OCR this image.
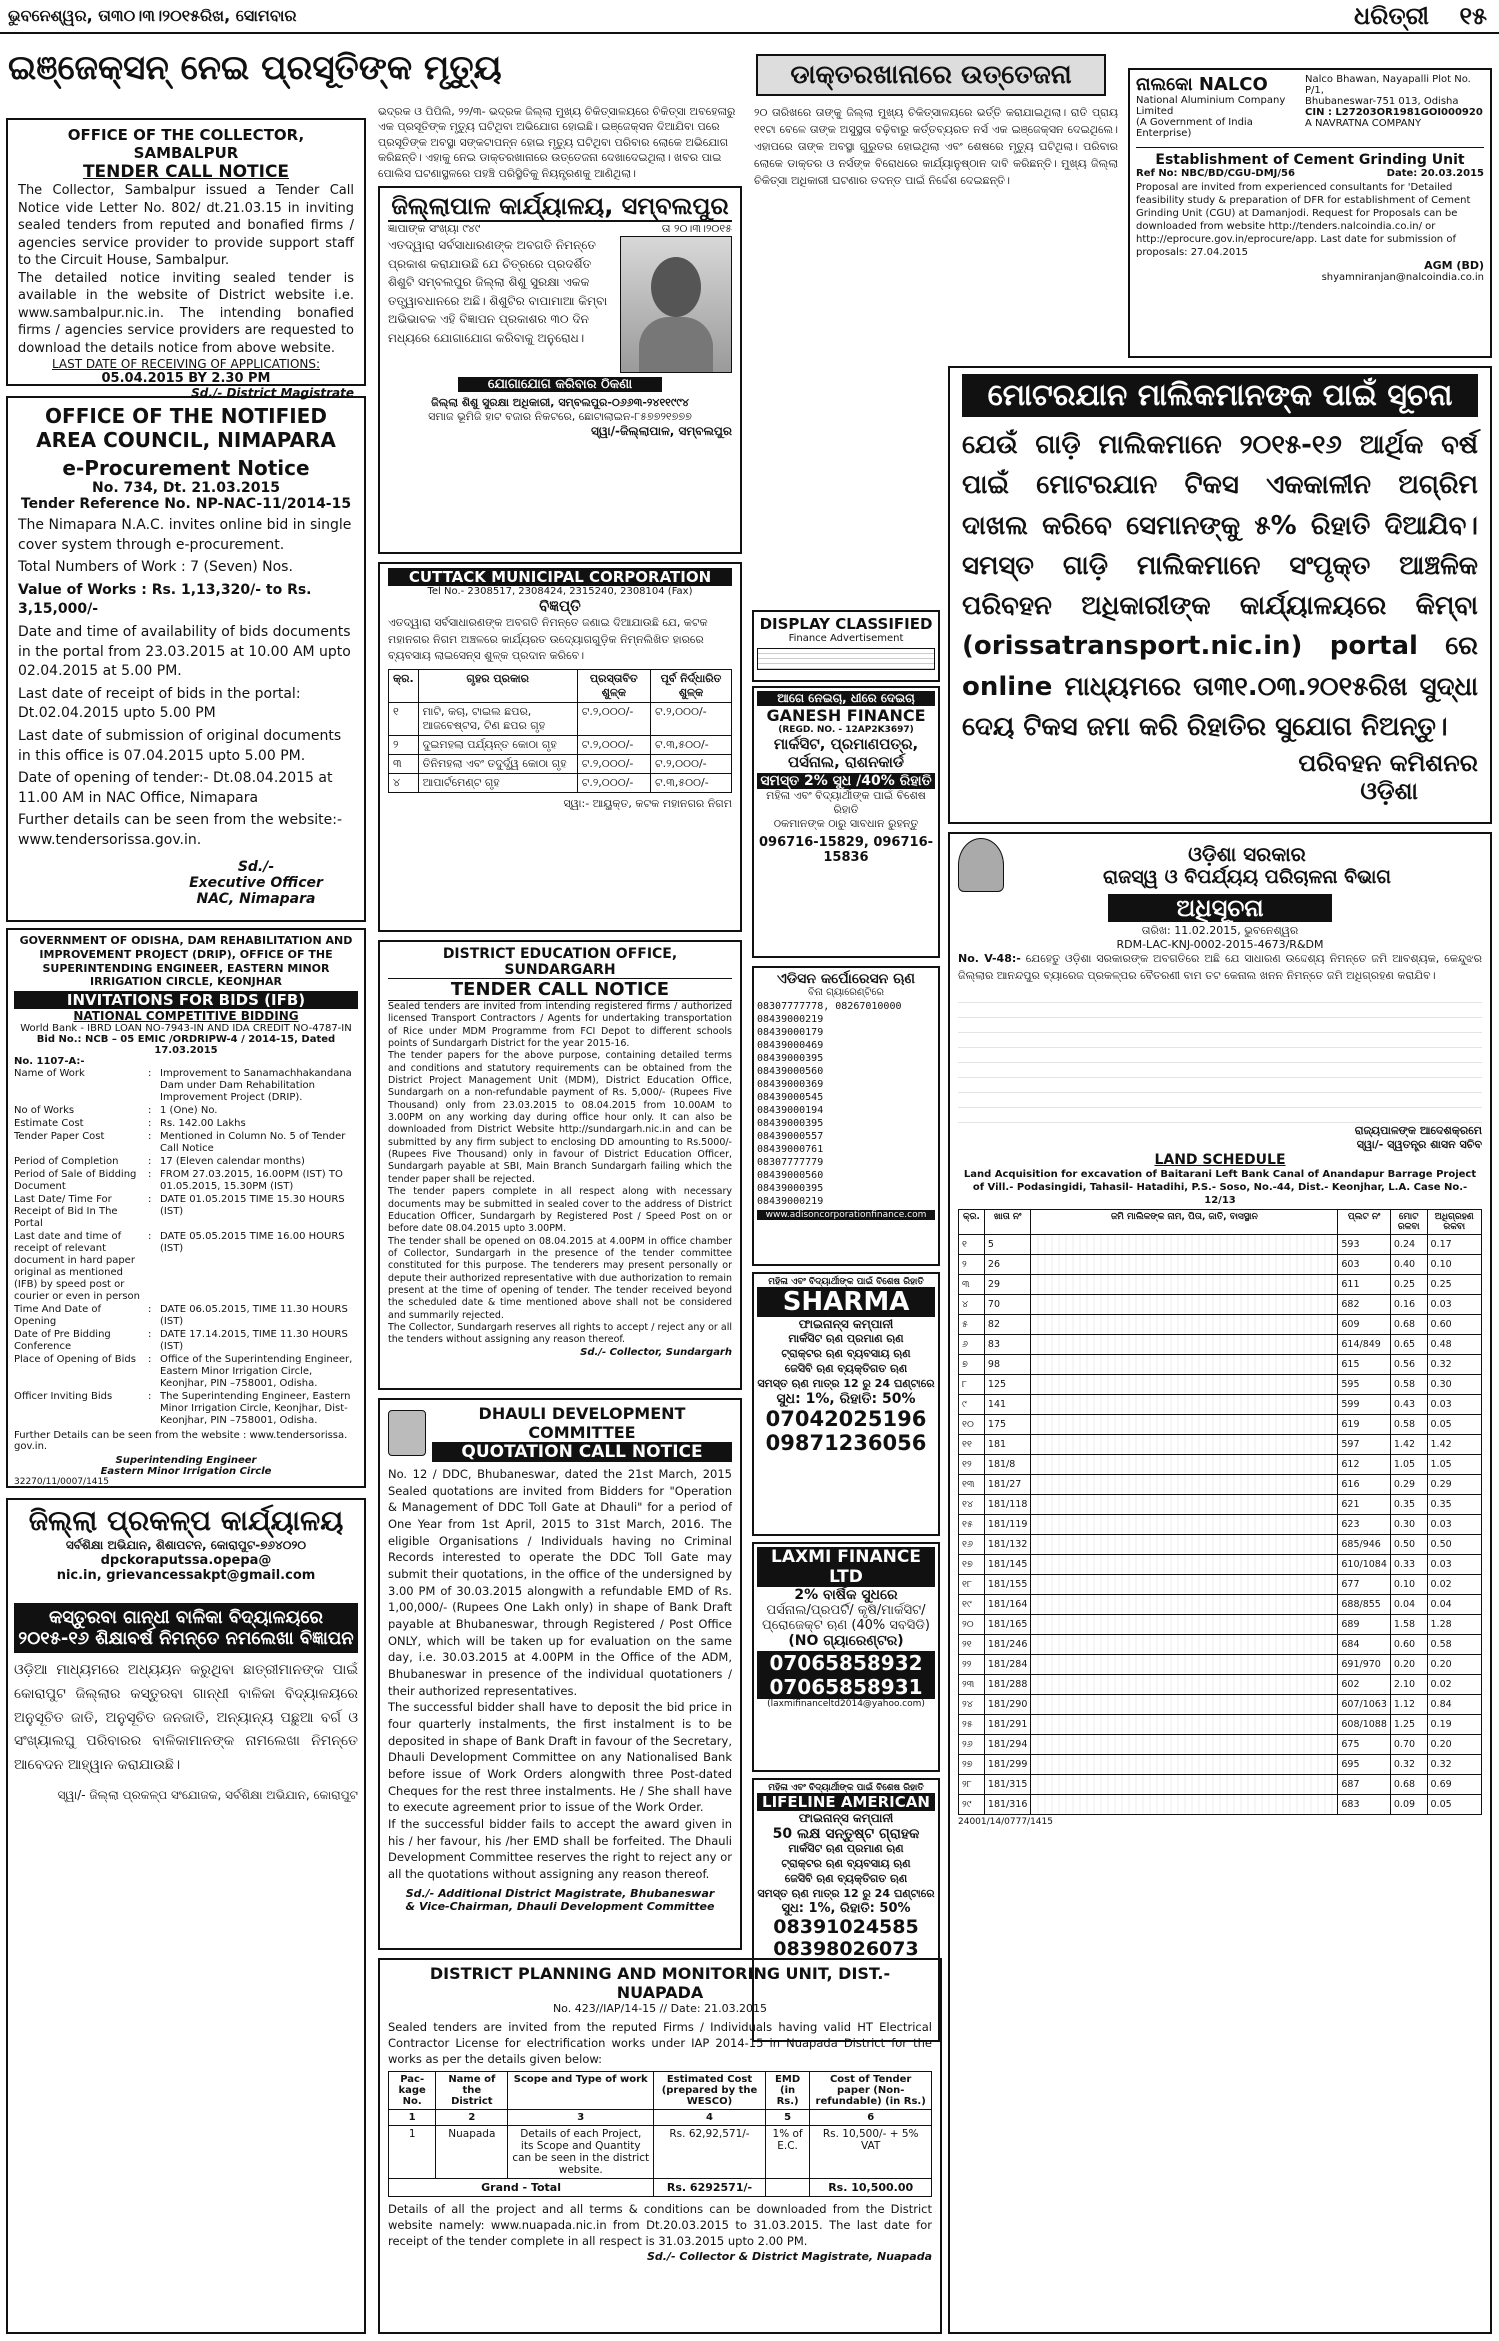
ଭୁବନେଶ୍ୱର, ତା୩୦।୩।୨୦୧୫ରିଖ, ସୋମବାର	ଧରିତ୍ରୀ ୧୫
ଇଞ୍ଜେକ୍ସନ୍ ନେଇ ପ୍ରସୂତିଙ୍କ ମୃତ୍ୟୁ	ଡାକ୍ତରଖାନାରେ ଉତ୍ତେଜନା	ନାଲକୋ NALCO
National Aluminium Company Limited
(A Government of India Enterprise)
Nalco Bhawan, Nayapalli Plot No. P/1,
Bhubaneswar-751 013, Odisha
CIN : L27203OR1981GOI000920
A NAVRATNA COMPANY
Establishment of Cement Grinding Unit
Ref No: NBC/BD/CGU-DMJ/56	Date: 20.03.2015
Proposal are invited from experienced consultants for 'Detailed feasibility study & preparation of DFR for establishment of Cement Grinding Unit (CGU) at Damanjodi. Request for Proposals can be downloaded from website http://tenders.nalcoindia.co.in/ or http://eprocure.gov.in/eprocure/app. Last date for submission of proposals: 27.04.2015
AGM (BD)
shyamniranjan@nalcoindia.co.in
OFFICE OF THE COLLECTOR, SAMBALPUR
TENDER CALL NOTICE
The Collector, Sambalpur issued a Tender Call Notice vide Letter No. 802/ dt.21.03.15 in inviting sealed tenders from reputed and bonafied firms / agencies service provider to provide support staff to the Circuit House, Sambalpur.
The detailed notice inviting sealed tender is available in the website of District website i.e. www.sambalpur.nic.in. The intending bonafied firms / agencies service providers are requested to download the details notice from above website.
LAST DATE OF RECEIVING OF APPLICATIONS:
05.04.2015 BY 2.30 PM
Sd./- District Magistrate
OFFICE OF THE NOTIFIED AREA COUNCIL, NIMAPARA
e-Procurement Notice
No. 734, Dt. 21.03.2015
Tender Reference No. NP-NAC-11/2014-15
The Nimapara N.A.C. invites online bid in single cover system through e-procurement.
Total Numbers of Work : 7 (Seven) Nos.
Value of Works : Rs. 1,13,320/- to Rs. 3,15,000/-
Date and time of availability of bids documents in the portal from 23.03.2015 at 10.00 AM upto 02.04.2015 at 5.00 PM.
Last date of receipt of bids in the portal: Dt.02.04.2015 upto 5.00 PM
Last date of submission of original documents in this office is 07.04.2015 upto 5.00 PM.
Date of opening of tender:- Dt.08.04.2015 at 11.00 AM in NAC Office, Nimapara
Further details can be seen from the website:- www.tendersorissa.gov.in.
Sd./-
Executive Officer
NAC, Nimapara
GOVERNMENT OF ODISHA, DAM REHABILITATION AND IMPROVEMENT PROJECT (DRIP), OFFICE OF THE SUPERINTENDING ENGINEER, EASTERN MINOR IRRIGATION CIRCLE, KEONJHAR
INVITATIONS FOR BIDS (IFB)
NATIONAL COMPETITIVE BIDDING
World Bank - IBRD LOAN NO-7943-IN AND IDA CREDIT NO-4787-IN
Bid No.: NCB – 05 EMIC /ORDRIPW-4 / 2014-15, Dated 17.03.2015
No. 1107-A:-
Name of Work	: Improvement to Sanamachhakandana Dam under Dam Rehabilitation Improvement Project (DRIP).
No of Works	: 1 (One) No.
Estimate Cost	: Rs. 142.00 Lakhs
Tender Paper Cost	: Mentioned in Column No. 5 of Tender Call Notice
Period of Completion	: 17 (Eleven calendar months)
Period of Sale of Bidding Document
: FROM 27.03.2015, 16.00PM (IST) TO 01.05.2015, 15.30PM (IST)
Last Date/ Time For Receipt of Bid In The Portal
: DATE 01.05.2015 TIME 15.30 HOURS (IST)
Last date and time of receipt of relevant document in hard paper original as mentioned (IFB) by speed post or courier or even in person
: DATE 05.05.2015 TIME 16.00 HOURS (IST)
Time And Date of Opening
: DATE 06.05.2015, TIME 11.30 HOURS (IST)
Date of Pre Bidding Conference
: DATE 17.14.2015, TIME 11.30 HOURS (IST)
Place of Opening of Bids	: Office of the Superintending Engineer, Eastern Minor Irrigation Circle, Keonjhar, PIN –758001, Odisha.
Officer Inviting Bids	: The Superintending Engineer, Eastern Minor Irrigation Circle, Keonjhar, Dist- Keonjhar, PIN –758001, Odisha.
Further Details can be seen from the website : www.tendersorissa. gov.in.
Superintending Engineer
Eastern Minor Irrigation Circle
32270/11/0007/1415
ଜିଲ୍ଲା ପ୍ରକଳ୍ପ କାର୍ଯ୍ୟାଳୟ
ସର୍ବଶିକ୍ଷା ଅଭିଯାନ, ଶିଶାପଟନ, କୋରାପୁଟ-୭୬୪୦୨୦
dpckoraputssa.opepa@
nic.in, grievancessakpt@gmail.com
କସ୍ତୁରବା ଗାନ୍ଧୀ ବାଳିକା ବିଦ୍ୟାଳୟରେ ୨୦୧୫-୧୬ ଶିକ୍ଷାବର୍ଷ ନିମନ୍ତେ ନମଲେଖା ବିଜ୍ଞାପନ
ଓଡ଼ିଆ ମାଧ୍ୟମରେ ଅଧ୍ୟୟନ କରୁଥିବା ଛାତ୍ରୀମାନଙ୍କ ପାଇଁ କୋରାପୁଟ ଜିଲ୍ଲାର କସ୍ତୁରବା ଗାନ୍ଧୀ ବାଳିକା ବିଦ୍ୟାଳୟରେ ଅନୁସୂଚିତ ଜାତି, ଅନୁସୂଚିତ ଜନଜାତି, ଅନ୍ୟାନ୍ୟ ପଛୁଆ ବର୍ଗ ଓ ସଂଖ୍ୟାଲଘୁ ପରିବାରର ବାଳିକାମାନଙ୍କ ନାମଲେଖା ନିମନ୍ତେ ଆବେଦନ ଆହ୍ୱାନ କରାଯାଉଛି।
ସ୍ୱା/- ଜିଲ୍ଲା ପ୍ରକଳ୍ପ ସଂଯୋଜକ, ସର୍ବଶିକ୍ଷା ଅଭିଯାନ, କୋରାପୁଟ
ଭଦ୍ରକ ଓ ପିପିଲି, ୨୨/୩- ଭଦ୍ରକ ଜିଲ୍ଲା ମୁଖ୍ୟ ଚିକିତ୍ସାଳୟରେ ଚିକିତ୍ସା ଅବହେଳାରୁ ଏକ ପ୍ରସୂତିଙ୍କ ମୃତ୍ୟୁ ଘଟିଥିବା ଅଭିଯୋଗ ହୋଇଛି। ଇଞ୍ଜେକ୍ସନ ଦିଆଯିବା ପରେ ପ୍ରସୂତିଙ୍କ ଅବସ୍ଥା ସଙ୍କଟାପନ୍ନ ହୋଇ ମୃତ୍ୟୁ ଘଟିଥିବା ପରିବାର ଲୋକେ ଅଭିଯୋଗ କରିଛନ୍ତି। ଏହାକୁ ନେଇ ଡାକ୍ତରଖାନାରେ ଉତ୍ତେଜନା ଦେଖାଦେଇଥିଲା। ଖବର ପାଇ ପୋଲିସ ଘଟଣାସ୍ଥଳରେ ପହଞ୍ଚି ପରିସ୍ଥିତିକୁ ନିୟନ୍ତ୍ରଣକୁ ଆଣିଥିଲା।
୨୦ ତାରିଖରେ ତାଙ୍କୁ ଜିଲ୍ଲା ମୁଖ୍ୟ ଚିକିତ୍ସାଳୟରେ ଭର୍ତ୍ତି କରାଯାଇଥିଲା। ରାତି ପ୍ରାୟ ୧୧ଟା ବେଳେ ତାଙ୍କ ଅସୁସ୍ଥତା ବଢ଼ିବାରୁ କର୍ତ୍ତବ୍ୟରତ ନର୍ସ ଏକ ଇଞ୍ଜେକ୍ସନ ଦେଇଥିଲେ। ଏହାପରେ ତାଙ୍କ ଅବସ୍ଥା ଗୁରୁତର ହୋଇଥିଲା ଏବଂ ଶେଷରେ ମୃତ୍ୟୁ ଘଟିଥିଲା। ପରିବାର ଲୋକେ ଡାକ୍ତର ଓ ନର୍ସଙ୍କ ବିରୋଧରେ କାର୍ଯ୍ୟାନୁଷ୍ଠାନ ଦାବି କରିଛନ୍ତି। ମୁଖ୍ୟ ଜିଲ୍ଲା ଚିକିତ୍ସା ଅଧିକାରୀ ଘଟଣାର ତଦନ୍ତ ପାଇଁ ନିର୍ଦ୍ଦେଶ ଦେଇଛନ୍ତି।
ଜିଲ୍ଲାପାଳ କାର୍ଯ୍ୟାଳୟ, ସମ୍ବଲପୁର
ଜ୍ଞାପାଙ୍କ ସଂଖ୍ୟା ୯୪୯	ତା ୨୦।୩।୨୦୧୫
ଏତଦ୍ୱାରା ସର୍ବସାଧାରଣଙ୍କ ଅବଗତି ନିମନ୍ତେ ପ୍ରକାଶ କରାଯାଉଛି ଯେ ଚିତ୍ରରେ ପ୍ରଦର୍ଶିତ ଶିଶୁଟି ସମ୍ବଲପୁର ଜିଲ୍ଲା ଶିଶୁ ସୁରକ୍ଷା ଏକକ ତତ୍ତ୍ୱାବଧାନରେ ଅଛି। ଶିଶୁଟିର ବାପାମାଆ କିମ୍ବା ଅଭିଭାବକ ଏହି ବିଜ୍ଞାପନ ପ୍ରକାଶର ୩୦ ଦିନ ମଧ୍ୟରେ ଯୋଗାଯୋଗ କରିବାକୁ ଅନୁରୋଧ।
ଯୋଗାଯୋଗ କରିବାର ଠିକଣା
ଜିଲ୍ଲା ଶିଶୁ ସୁରକ୍ଷା ଅଧିକାରୀ, ସମ୍ବଲପୁର-୦୬୬୩-୨୪୧୧୯୯୪
ସମାଜ ଭୂମିଜି ହାଟ ବଜାର ନିକଟରେ, ଛୋଟାଲାଇନ-୮୫୭୭୨୧୭୭୭
ସ୍ୱା/-ଜିଲ୍ଲାପାଳ, ସମ୍ବଲପୁର
CUTTACK MUNICIPAL CORPORATION
Tel No.- 2308517, 2308424, 2315240, 2308104 (Fax)
ବିଜ୍ଞପ୍ତି
ଏତଦ୍ୱାରା ସର୍ବସାଧାରଣଙ୍କ ଅବଗତି ନିମନ୍ତେ ଜଣାଇ ଦିଆଯାଉଛି ଯେ, କଟକ ମହାନଗର ନିଗମ ଅଞ୍ଚଳରେ କାର୍ଯ୍ୟରତ ଉଦ୍ୟୋଗଗୁଡ଼ିକ ନିମ୍ନଲିଖିତ ହାରରେ ବ୍ୟବସାୟ ଲାଇସେନ୍ସ ଶୁଳ୍କ ପ୍ରଦାନ କରିବେ।
କ୍ର.	ଗୃହର ପ୍ରକାର	ପ୍ରସ୍ତାବିତ ଶୁଳ୍କ	ପୂର୍ବ ନିର୍ଦ୍ଧାରିତ ଶୁଳ୍କ
୧	ମାଟି, କଚା, ଟାଇଲ ଛପର, ଆଜବେଷ୍ଟସ, ଟିଣ ଛପର ଗୃହ	ଟ.୨,୦୦୦/-	ଟ.୨,୦୦୦/-
୨	ଦୁଇମହଲା ପର୍ଯ୍ୟନ୍ତ କୋଠା ଗୃହ	ଟ.୨,୦୦୦/-	ଟ.୩,୫୦୦/-
୩	ତିନିମହଲା ଏବଂ ତଦୁର୍ଦ୍ଧ୍ୱ କୋଠା ଗୃହ	ଟ.୨,୦୦୦/-	ଟ.୨,୦୦୦/-
୪	ଆପାର୍ଟମେଣ୍ଟ ଗୃହ	ଟ.୨,୦୦୦/-	ଟ.୩,୫୦୦/-
ସ୍ୱା:- ଆୟୁକ୍ତ, କଟକ ମହାନଗର ନିଗମ
DISTRICT EDUCATION OFFICE, SUNDARGARH
TENDER CALL NOTICE
Sealed tenders are invited from intending registered firms / authorized licensed Transport Contractors / Agents for undertaking transportation of Rice under MDM Programme from FCI Depot to different schools points of Sundargarh District for the year 2015-16.
The tender papers for the above purpose, containing detailed terms and conditions and statutory requirements can be obtained from the District Project Management Unit (MDM), District Education Office, Sundargarh on a non-refundable payment of Rs. 5,000/- (Rupees Five Thousand) only from 23.03.2015 to 08.04.2015 from 10.00AM to 3.00PM on any working day during office hour only. It can also be downloaded from District Website http://sundargarh.nic.in and can be submitted by any firm subject to enclosing DD amounting to Rs.5000/- (Rupees Five Thousand) only in favour of District Education Officer, Sundargarh payable at SBI, Main Branch Sundargarh failing which the tender paper shall be rejected.
The tender papers complete in all respect along with necessary documents may be submitted in sealed cover to the address of District Education Officer, Sundargarh by Registered Post / Speed Post on or before date 08.04.2015 upto 3.00PM.
The tender shall be opened on 08.04.2015 at 4.00PM in office chamber of Collector, Sundargarh in the presence of the tender committee constituted for this purpose. The tenderers may present personally or depute their authorized representative with due authorization to remain present at the time of opening of tender. The tender received beyond the scheduled date & time mentioned above shall not be considered and summarily rejected.
The Collector, Sundargarh reserves all rights to accept / reject any or all the tenders without assigning any reason thereof.
Sd./- Collector, Sundargarh
DHAULI DEVELOPMENT COMMITTEE
QUOTATION CALL NOTICE
No. 12 / DDC, Bhubaneswar, dated the 21st March, 2015 Sealed quotations are invited from Bidders for "Operation & Management of DDC Toll Gate at Dhauli" for a period of One Year from 1st April, 2015 to 31st March, 2016. The eligible Organisations / Individuals having no Criminal Records interested to operate the DDC Toll Gate may submit their quotations, in the office of the undersigned by 3.00 PM of 30.03.2015 alongwith a refundable EMD of Rs. 1,00,000/- (Rupees One Lakh only) in shape of Bank Draft payable at Bhubaneswar, through Registered / Post Office ONLY, which will be taken up for evaluation on the same day, i.e. 30.03.2015 at 4.00PM in the Office of the ADM, Bhubaneswar in presence of the individual quotationers / their authorized representatives.
The successful bidder shall have to deposit the bid price in four quarterly instalments, the first instalment is to be deposited in shape of Bank Draft in favour of the Secretary, Dhauli Development Committee on any Nationalised Bank before issue of Work Orders alongwith three Post-dated Cheques for the rest three instalments. He / She shall have to execute agreement prior to issue of the Work Order.
If the successful bidder fails to accept the award given in his / her favour, his /her EMD shall be forfeited. The Dhauli Development Committee reserves the right to reject any or all the quotations without assigning any reason thereof.
Sd./- Additional District Magistrate, Bhubaneswar
& Vice-Chairman, Dhauli Development Committee
DISTRICT PLANNING AND MONITORING UNIT, DIST.- NUAPADA
No. 423//IAP/14-15 // Date: 21.03.2015
Sealed tenders are invited from the reputed Firms / Individuals having valid HT Electrical Contractor License for electrification works under IAP 2014-15 in Nuapada District for the works as per the details given below:
Pac-kage No.	Name of the District	Scope and Type of work	Estimated Cost (prepared by the WESCO)	EMD (in Rs.)	Cost of Tender paper (Non-refundable) (in Rs.)
1	2	3	4	5	6
1	Nuapada	Details of each Project, its Scope and Quantity can be seen in the district website.	Rs. 62,92,571/-	1% of E.C.	Rs. 10,500/- + 5% VAT
Grand - Total			Rs. 6292571/-		Rs. 10,500.00
Details of all the project and all terms & conditions can be downloaded from the District website namely: www.nuapada.nic.in from Dt.20.03.2015 to 31.03.2015. The last date for receipt of the tender complete in all respect is 31.03.2015 upto 2.00 PM.
Sd./- Collector & District Magistrate, Nuapada
DISPLAY CLASSIFIED
Finance Advertisement
ଆଗେ ନେଇଚା, ଧୀରେ ଦେଇଚା
GANESH FINANCE
(REGD. NO. - 12AP2K3697)
ମାର୍କସିଟ, ପ୍ରମାଣପତ୍ର, ପର୍ସନାଲ, ରାଶନକାର୍ଡ
ସମସ୍ତ 2% ସୁଧ /40% ରିହାତି
ମହିଳା ଏବଂ ବିଦ୍ୟାର୍ଥୀଙ୍କ ପାଇଁ ବିଶେଷ ରିହାତି
ଠକମାନଙ୍କ ଠାରୁ ସାବଧାନ ରୁହନ୍ତୁ
096716-15829, 096716-15836
ଏଡିସନ କର୍ପୋରେସନ ଋଣ
ବିନା ଗ୍ୟାରେଣ୍ଟିରେ
08307777778, 08267010000
08439000219
08439000179
08439000469
08439000395
08439000560
08439000369
08439000545
08439000194
08439000395
08439000557
08439000761
08307777779
08439000560
08439000395
08439000219
www.adisoncorporationfinance.com
ମହିଳା ଏବଂ ବିଦ୍ୟାର୍ଥୀଙ୍କ ପାଇଁ ବିଶେଷ ରିହାତି
SHARMA
ଫାଇନାନ୍ସ କମ୍ପାନୀ
ମାର୍କସିଟ ଋଣ ପ୍ରମାଣ ଋଣ
ଟ୍ରାକ୍ଟର ଋଣ ବ୍ୟବସାୟ ଋଣ
ଜେସିବି ଋଣ ବ୍ୟକ୍ତିଗତ ଋଣ
ସମସ୍ତ ଋଣ ମାତ୍ର 12 ରୁ 24 ଘଣ୍ଟାରେ
ସୁଧ: 1%, ରିହାତି: 50%
07042025196
09871236056
LAXMI FINANCE LTD
2% ବାର୍ଷିକ ସୁଧରେ
ପର୍ସନାଲ/ପ୍ରପର୍ଟି/ କୃଷି/ମାର୍କସିଟ/ପ୍ରୋଜେକ୍ଟ ଋଣ (40% ସବସିଡି)
(NO ଗ୍ୟାରେଣ୍ଟର)
07065858932
07065858931
(laxmifinanceltd2014@yahoo.com)
ମହିଳା ଏବଂ ବିଦ୍ୟାର୍ଥୀଙ୍କ ପାଇଁ ବିଶେଷ ରିହାତି
LIFELINE AMERICAN
ଫାଇନାନ୍ସ କମ୍ପାନୀ
50 ଲକ୍ଷ ସନ୍ତୁଷ୍ଟ ଗ୍ରାହକ
ମାର୍କସିଟ ଋଣ ପ୍ରମାଣ ଋଣ
ଟ୍ରାକ୍ଟର ଋଣ ବ୍ୟବସାୟ ଋଣ
ଜେସିବି ଋଣ ବ୍ୟକ୍ତିଗତ ଋଣ
ସମସ୍ତ ଋଣ ମାତ୍ର 12 ରୁ 24 ଘଣ୍ଟାରେ
ସୁଧ: 1%, ରିହାତି: 50%
08391024585
08398026073
ମୋଟରଯାନ ମାଲିକମାନଙ୍କ ପାଇଁ ସୂଚନା
ଯେଉଁ ଗାଡ଼ି ମାଲିକମାନେ ୨୦୧୫-୧୬ ଆର୍ଥିକ ବର୍ଷ ପାଇଁ ମୋଟରଯାନ ଟିକସ ଏକକାଳୀନ ଅଗ୍ରିମ ଦାଖଲ କରିବେ ସେମାନଙ୍କୁ ୫% ରିହାତି ଦିଆଯିବ। ସମସ୍ତ ଗାଡ଼ି ମାଲିକମାନେ ସଂପୃକ୍ତ ଆଞ୍ଚଳିକ ପରିବହନ ଅଧିକାରୀଙ୍କ କାର୍ଯ୍ୟାଳୟରେ କିମ୍ବା (orissatransport.nic.in) portal ରେ online ମାଧ୍ୟମରେ ତା୩୧.୦୩.୨୦୧୫ରିଖ ସୁଦ୍ଧା ଦେୟ ଟିକସ ଜମା କରି ରିହାତିର ସୁଯୋଗ ନିଅନ୍ତୁ।
ପରିବହନ କମିଶନର
ଓଡ଼ିଶା
ଓଡ଼ିଶା ସରକାର
ରାଜସ୍ୱ ଓ ବିପର୍ଯ୍ୟୟ ପରିଚାଳନା ବିଭାଗ
ଅଧିସୂଚନା
ତାରିଖ: 11.02.2015, ଭୁବନେଶ୍ୱର
RDM-LAC-KNJ-0002-2015-4673/R&DM
No. V-48:- ଯେହେତୁ ଓଡ଼ିଶା ସରକାରଙ୍କ ଅବଗତିରେ ଅଛି ଯେ ସାଧାରଣ ଉଦ୍ଦେଶ୍ୟ ନିମନ୍ତେ ଜମି ଆବଶ୍ୟକ, କେନ୍ଦୁଝର ଜିଲ୍ଲାର ଆନନ୍ଦପୁର ବ୍ୟାରେଜ ପ୍ରକଳ୍ପର ବୈତରଣୀ ବାମ ତଟ କେନାଲ ଖନନ ନିମନ୍ତେ ଜମି ଅଧିଗ୍ରହଣ କରାଯିବ।
ରାଜ୍ୟପାଳଙ୍କ ଆଦେଶକ୍ରମେ
ସ୍ୱା/- ସ୍ୱତନ୍ତ୍ର ଶାସନ ସଚିବ
LAND SCHEDULE
Land Acquisition for excavation of Baitarani Left Bank Canal of Anandapur Barrage Project of Vill.- Podasingidi, Tahasil- Hatadihi, P.S.- Soso, No.-44, Dist.- Keonjhar, L.A. Case No.- 12/13
କ୍ର.	ଖାତା ନଂ	ଜମି ମାଲିକଙ୍କ ନାମ, ପିତା, ଜାତି, ବାସସ୍ଥାନ	ପ୍ଲଟ ନଂ	ମୋଟ ରକବା	ଅଧିଗ୍ରହଣ ରକବା
୧	5		593	0.24	0.17
୨	26		603	0.40	0.10
୩	29		611	0.25	0.25
୪	70		682	0.16	0.03
୫	82		609	0.68	0.60
୬	83		614/849	0.65	0.48
୭	98		615	0.56	0.32
୮	125		595	0.58	0.30
୯	141		599	0.43	0.03
୧୦	175		619	0.58	0.05
୧୧	181		597	1.42	1.42
୧୨	181/8		612	1.05	1.05
୧୩	181/27		616	0.29	0.29
୧୪	181/118		621	0.35	0.35
୧୫	181/119		623	0.30	0.03
୧୬	181/132		685/946	0.50	0.50
୧୭	181/145		610/1084	0.33	0.03
୧୮	181/155		677	0.10	0.02
୧୯	181/164		688/855	0.04	0.04
୨୦	181/165		689	1.58	1.28
୨୧	181/246		684	0.60	0.58
୨୨	181/284		691/970	0.20	0.20
୨୩	181/288		602	2.10	0.02
୨୪	181/290		607/1063	1.12	0.84
୨୫	181/291		608/1088	1.25	0.19
୨୬	181/294		675	0.70	0.20
୨୭	181/299		695	0.32	0.32
୨୮	181/315		687	0.68	0.69
୨୯	181/316		683	0.09	0.05
24001/14/0777/1415
